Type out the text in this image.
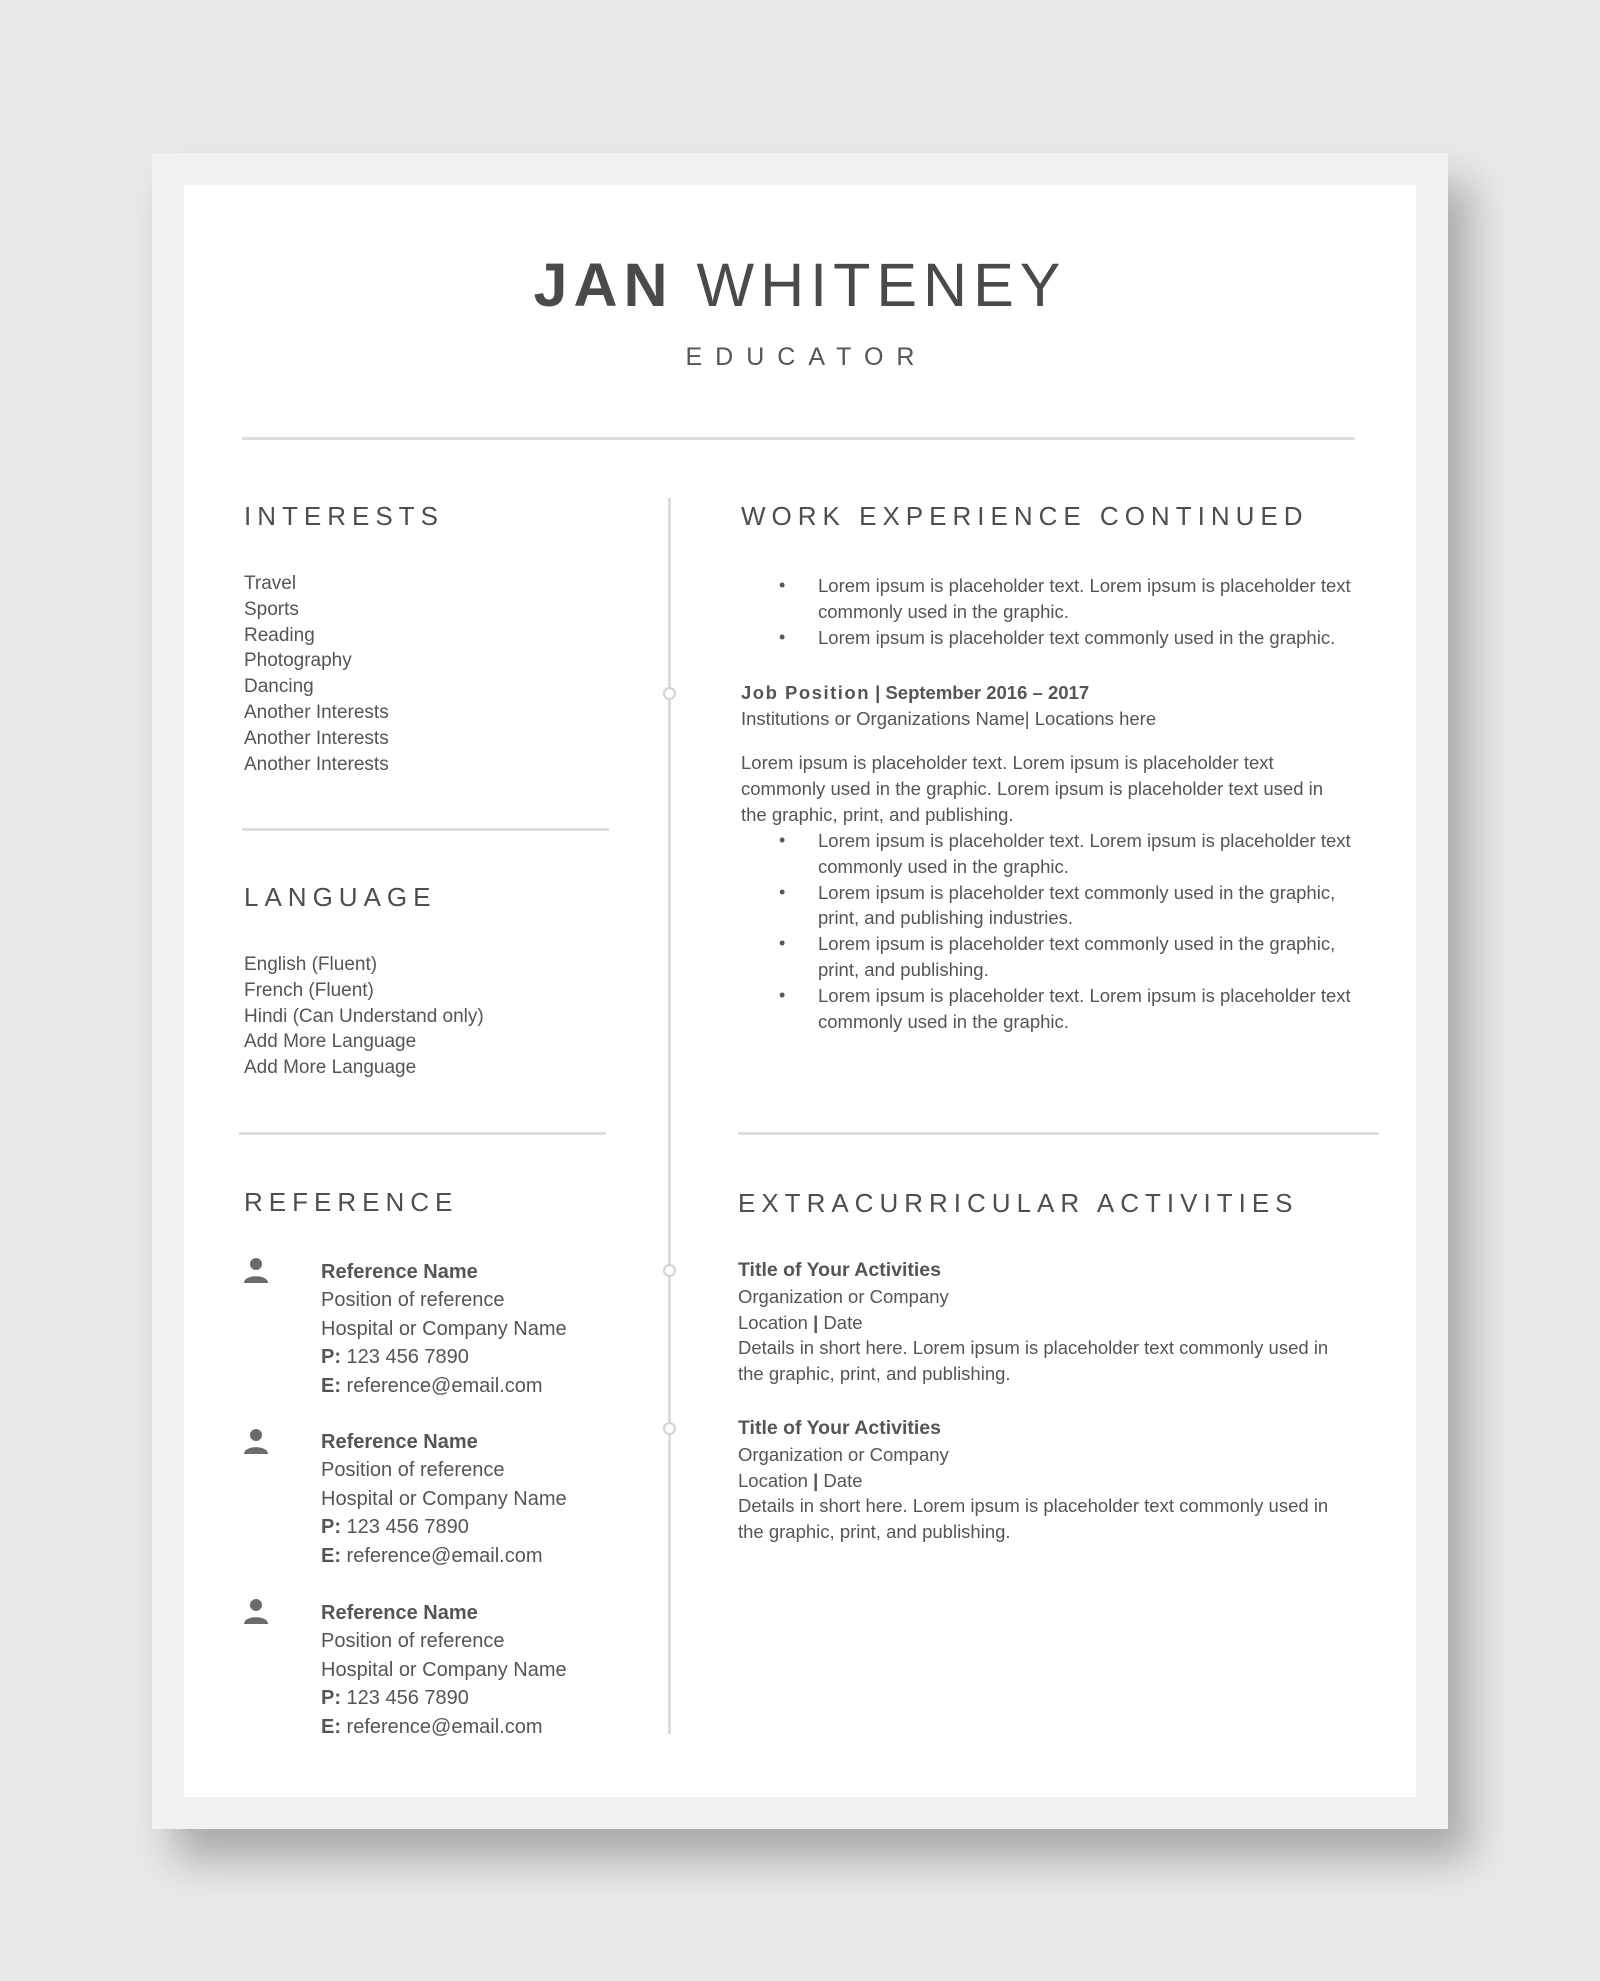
JAN WHITENEY
EDUCATOR
INTERESTS
Travel
Sports
Reading
Photography
Dancing
Another Interests
Another Interests
Another Interests
LANGUAGE
English (Fluent)
French (Fluent)
Hindi (Can Understand only)
Add More Language
Add More Language
REFERENCE
Reference Name
Position of reference
Hospital or Company Name
P: 123 456 7890
E: reference@email.com
Reference Name
Position of reference
Hospital or Company Name
P: 123 456 7890
E: reference@email.com
Reference Name
Position of reference
Hospital or Company Name
P: 123 456 7890
E: reference@email.com
WORK EXPERIENCE CONTINUED
• Lorem ipsum is placeholder text. Lorem ipsum is placeholder text commonly used in the graphic.
• Lorem ipsum is placeholder text commonly used in the graphic.
Job Position | September 2016 – 2017
Institutions or Organizations Name| Locations here
Lorem ipsum is placeholder text. Lorem ipsum is placeholder text commonly used in the graphic. Lorem ipsum is placeholder text used in the graphic, print, and publishing.
• Lorem ipsum is placeholder text. Lorem ipsum is placeholder text commonly used in the graphic.
• Lorem ipsum is placeholder text commonly used in the graphic, print, and publishing industries.
• Lorem ipsum is placeholder text commonly used in the graphic, print, and publishing.
• Lorem ipsum is placeholder text. Lorem ipsum is placeholder text commonly used in the graphic.
EXTRACURRICULAR ACTIVITIES
Title of Your Activities
Organization or Company
Location | Date
Details in short here. Lorem ipsum is placeholder text commonly used in the graphic, print, and publishing.
Title of Your Activities
Organization or Company
Location | Date
Details in short here. Lorem ipsum is placeholder text commonly used in the graphic, print, and publishing.
